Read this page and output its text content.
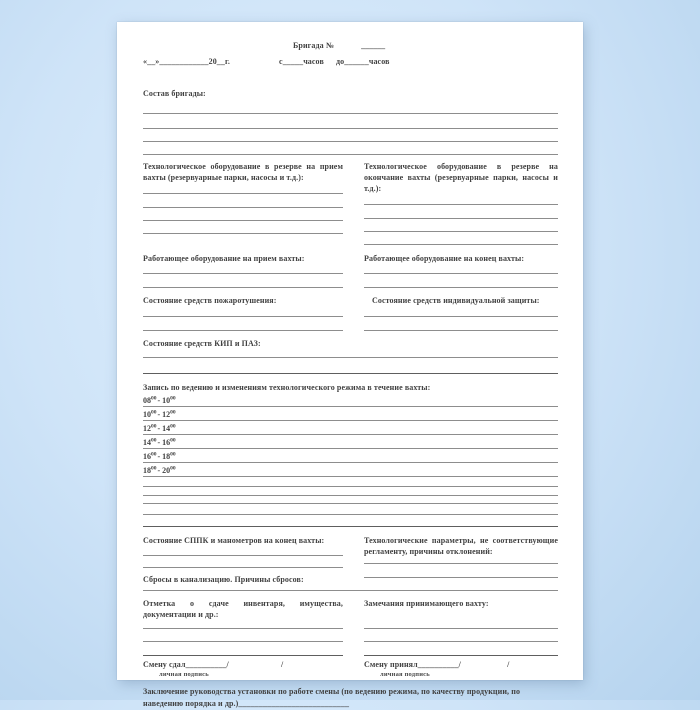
Бригада №	______
«__»____________20__г.	с_____часов до______часов
Состав бригады:
Технологическое оборудование в резерве на прием вахты (резервуарные парки, насосы и т.д.):
Технологическое оборудование в резерве на окончание вахты (резервуарные парки, насосы и т.д.):
Работающее оборудование на прием вахты:	Работающее оборудование на конец вахты:
Состояние средств пожаротушения:	Состояние средств индивидуальной защиты:
Состояние средств КИП и ПАЗ:
Запись по ведению и изменениям технологического режима в течение вахты:
$08^{00}-$ $10^{00}$
$10^{00}-$ $12^{00}$
$12^{00}-$ $14^{00}$
$14^{00}-$ $16^{00}$
$16^{00}-$ $18^{00}$
$18^{00}-$ $20^{00}$
Состояние СППК и манометров на конец вахты:
Сбросы в канализацию. Причины сбросов:
Технологические параметры, не соответствующие регламенту, причины отклонений:
Отметка о сдаче инвентаря, имущества, документации и др.:
Замечания принимающего вахту:
Смену сдал__________/	/
личная подпись
Смену принял__________/	/
личная подпись
Заключение руководства установки по работе смены (по ведению режима, по качеству продукции, по наведению порядка и др.)___________________________
